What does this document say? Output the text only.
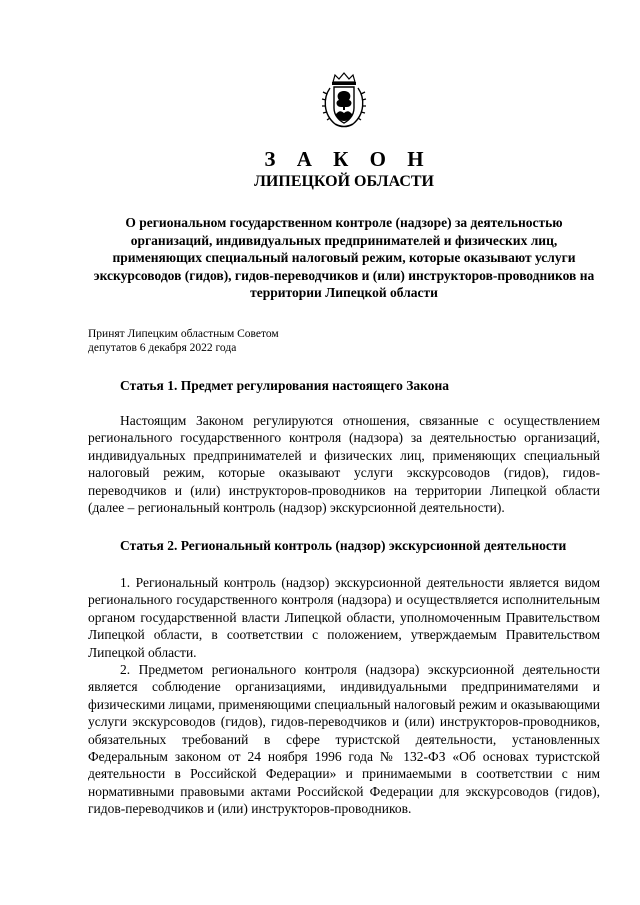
З А К О Н
ЛИПЕЦКОЙ ОБЛАСТИ
О региональном государственном контроле (надзоре) за деятельностью организаций, индивидуальных предпринимателей и физических лиц, применяющих специальный налоговый режим, которые оказывают услуги экскурсоводов (гидов), гидов-переводчиков и (или) инструкторов-проводников на территории Липецкой области
Принят Липецким областным Советом
депутатов 6 декабря 2022 года
Статья 1. Предмет регулирования настоящего Закона

Настоящим Законом регулируются отношения, связанные с осуществлением регионального государственного контроля (надзора) за деятельностью организаций, индивидуальных предпринимателей и физических лиц, применяющих специальный налоговый режим, которые оказывают услуги экскурсоводов (гидов), гидов-переводчиков и (или) инструкторов-проводников на территории Липецкой области (далее – региональный контроль (надзор) экскурсионной деятельности).

Статья 2. Региональный контроль (надзор) экскурсионной деятельности

1. Региональный контроль (надзор) экскурсионной деятельности является видом регионального государственного контроля (надзора) и осуществляется исполнительным органом государственной власти Липецкой области, уполномоченным Правительством Липецкой области, в соответствии с положением, утверждаемым Правительством Липецкой области.

2. Предметом регионального контроля (надзора) экскурсионной деятельности является соблюдение организациями, индивидуальными предпринимателями и физическими лицами, применяющими специальный налоговый режим и оказывающими услуги экскурсоводов (гидов), гидов-переводчиков и (или) инструкторов-проводников, обязательных требований в сфере туристской деятельности, установленных Федеральным законом от 24 ноября 1996 года № 132-ФЗ «Об основах туристской деятельности в Российской Федерации» и принимаемыми в соответствии с ним нормативными правовыми актами Российской Федерации для экскурсоводов (гидов), гидов-переводчиков и (или) инструкторов-проводников.
